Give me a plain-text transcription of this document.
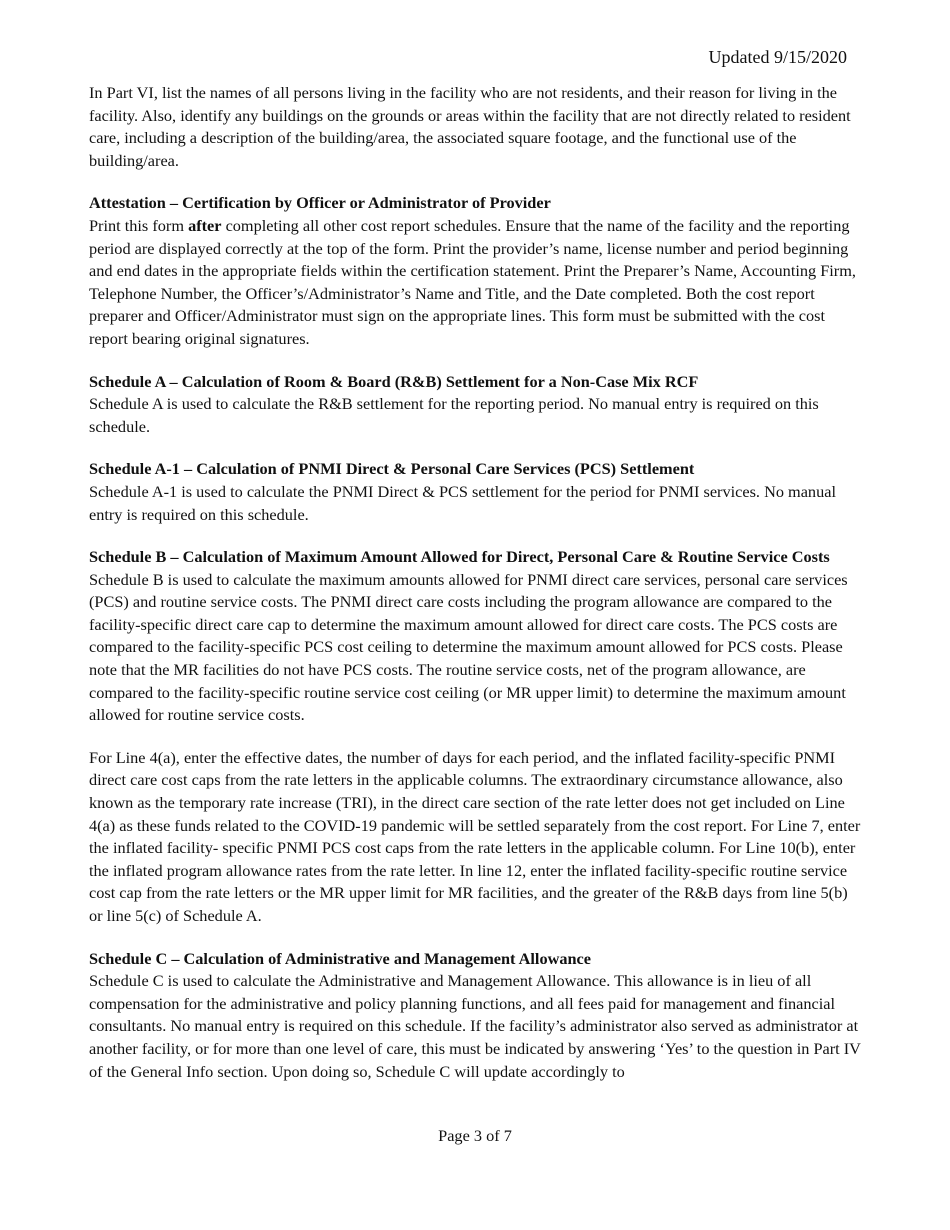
Updated 9/15/2020

In Part VI, list the names of all persons living in the facility who are not residents, and their reason for living in the facility. Also, identify any buildings on the grounds or areas within the facility that are not directly related to resident care, including a description of the building/area, the associated square footage, and the functional use of the building/area.

Attestation – Certification by Officer or Administrator of Provider

Print this form after completing all other cost report schedules. Ensure that the name of the facility and the reporting period are displayed correctly at the top of the form. Print the provider’s name, license number and period beginning and end dates in the appropriate fields within the certification statement. Print the Preparer’s Name, Accounting Firm, Telephone Number, the Officer’s/Administrator’s Name and Title, and the Date completed. Both the cost report preparer and Officer/Administrator must sign on the appropriate lines. This form must be submitted with the cost report bearing original signatures.

Schedule A – Calculation of Room & Board (R&B) Settlement for a Non-Case Mix RCF

Schedule A is used to calculate the R&B settlement for the reporting period. No manual entry is required on this schedule.

Schedule A-1 – Calculation of PNMI Direct & Personal Care Services (PCS) Settlement

Schedule A-1 is used to calculate the PNMI Direct & PCS settlement for the period for PNMI services. No manual entry is required on this schedule.

Schedule B – Calculation of Maximum Amount Allowed for Direct, Personal Care & Routine Service Costs

Schedule B is used to calculate the maximum amounts allowed for PNMI direct care services, personal care services (PCS) and routine service costs. The PNMI direct care costs including the program allowance are compared to the facility-specific direct care cap to determine the maximum amount allowed for direct care costs. The PCS costs are compared to the facility-specific PCS cost ceiling to determine the maximum amount allowed for PCS costs. Please note that the MR facilities do not have PCS costs. The routine service costs, net of the program allowance, are compared to the facility-specific routine service cost ceiling (or MR upper limit) to determine the maximum amount allowed for routine service costs.

For Line 4(a), enter the effective dates, the number of days for each period, and the inflated facility-specific PNMI direct care cost caps from the rate letters in the applicable columns. The extraordinary circumstance allowance, also known as the temporary rate increase (TRI), in the direct care section of the rate letter does not get included on Line 4(a) as these funds related to the COVID-19 pandemic will be settled separately from the cost report. For Line 7, enter the inflated facility- specific PNMI PCS cost caps from the rate letters in the applicable column. For Line 10(b), enter the inflated program allowance rates from the rate letter. In line 12, enter the inflated facility-specific routine service cost cap from the rate letters or the MR upper limit for MR facilities, and the greater of the R&B days from line 5(b) or line 5(c) of Schedule A.

Schedule C – Calculation of Administrative and Management Allowance

Schedule C is used to calculate the Administrative and Management Allowance. This allowance is in lieu of all compensation for the administrative and policy planning functions, and all fees paid for management and financial consultants. No manual entry is required on this schedule. If the facility’s administrator also served as administrator at another facility, or for more than one level of care, this must be indicated by answering ‘Yes’ to the question in Part IV of the General Info section. Upon doing so, Schedule C will update accordingly to

Page 3 of 7
